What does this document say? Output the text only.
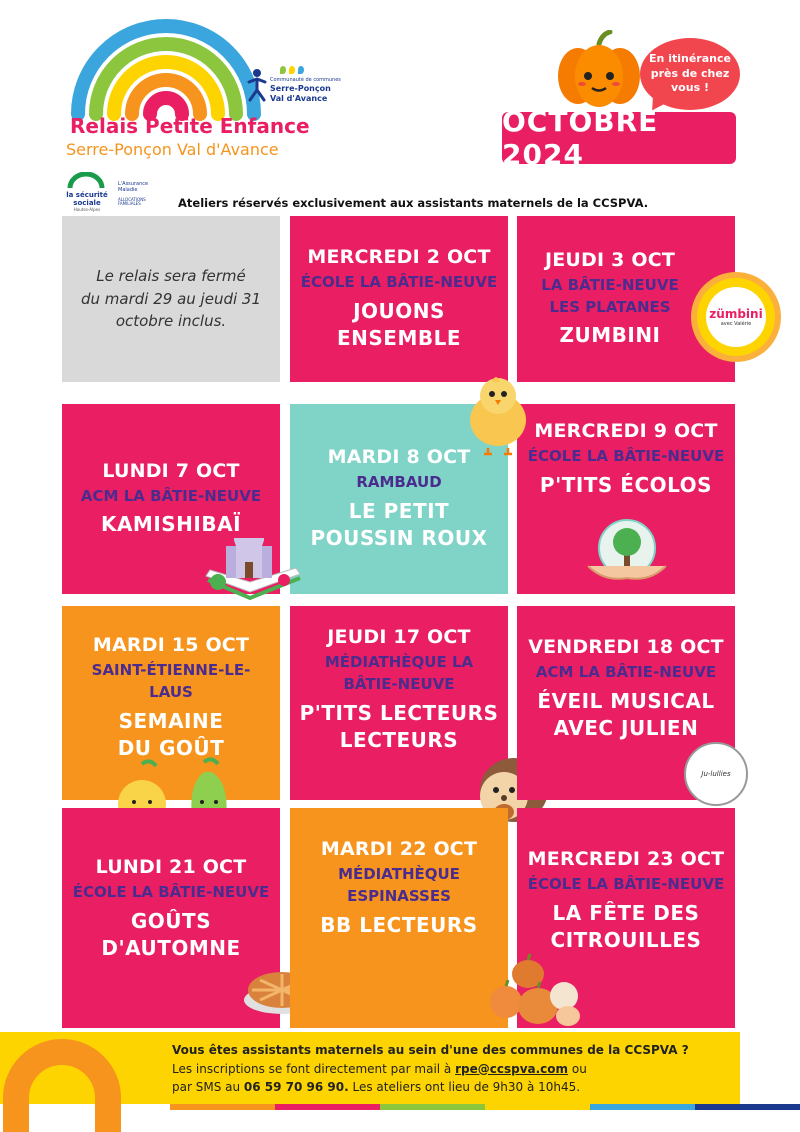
Relais Petite Enfance
Serre-Ponçon Val d'Avance
Communauté de communes
Serre-Ponçon
Val d'Avance
En itinérance
près de chez
vous !
OCTOBRE 2024
la sécurité sociale
Hautes-Alpes
L'Assurance Maladie
ALLOCATIONS FAMILIALES	Ateliers réservés exclusivement aux assistants maternels de la CCSPVA.
Le relais sera fermé
du mardi 29 au jeudi 31
octobre inclus.
MERCREDI 2 OCT
ÉCOLE LA BÂTIE-NEUVE
JOUONS ENSEMBLE
JEUDI 3 OCT
LA BÂTIE-NEUVE
LES PLATANES
ZUMBINI
zümbini
avec Valérie
LUNDI 7 OCT
ACM LA BÂTIE-NEUVE
KAMISHIBAÏ
MARDI 8 OCT
RAMBAUD
LE PETIT
POUSSIN ROUX
MERCREDI 9 OCT
ÉCOLE LA BÂTIE-NEUVE
P'TITS ÉCOLOS
MARDI 15 OCT
SAINT-ÉTIENNE-LE-LAUS
SEMAINE
DU GOÛT
JEUDI 17 OCT
MÉDIATHÈQUE LA
BÂTIE-NEUVE
P'TITS LECTEURS
LECTEURS
VENDREDI 18 OCT
ACM LA BÂTIE-NEUVE
ÉVEIL MUSICAL
AVEC JULIEN
Ju-lullies
LUNDI 21 OCT
ÉCOLE LA BÂTIE-NEUVE
GOÛTS
D'AUTOMNE
MARDI 22 OCT
MÉDIATHÈQUE
ESPINASSES
BB LECTEURS
MERCREDI 23 OCT
ÉCOLE LA BÂTIE-NEUVE
LA FÊTE DES
CITROUILLES
Vous êtes assistants maternels au sein d'une des communes de la CCSPVA ?
Les inscriptions se font directement par mail à rpe@ccspva.com ou
par SMS au 06 59 70 96 90. Les ateliers ont lieu de 9h30 à 10h45.
